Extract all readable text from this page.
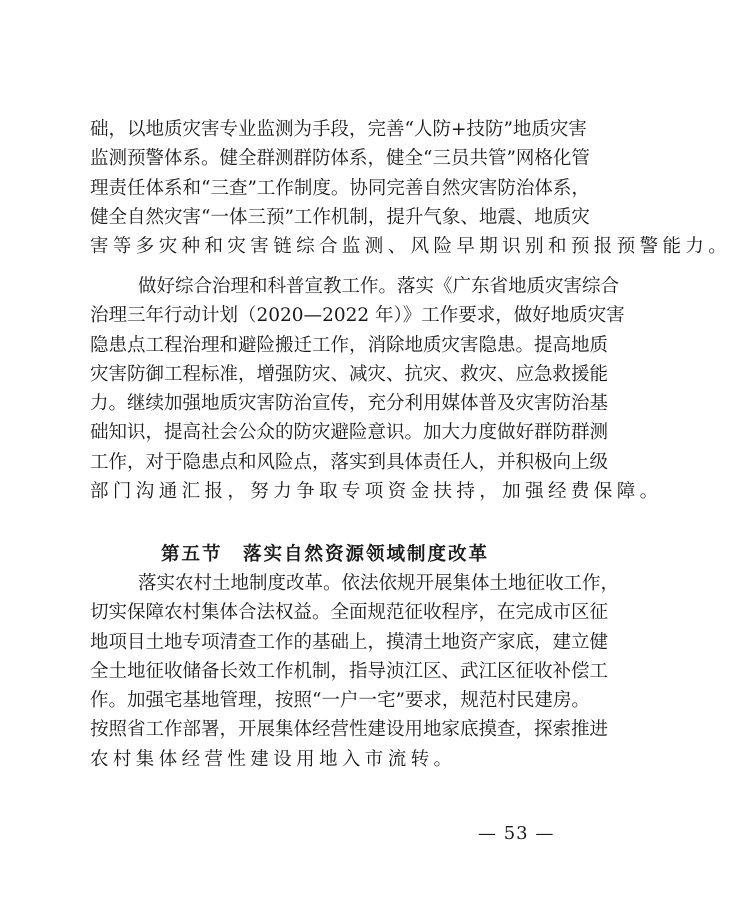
础，以地质灾害专业监测为手段，完善“人防+技防”地质灾害
监测预警体系。健全群测群防体系，健全“三员共管”网格化管
理责任体系和“三查”工作制度。协同完善自然灾害防治体系，
健全自然灾害“一体三预”工作机制，提升气象、地震、地质灾
害等多灾种和灾害链综合监测、风险早期识别和预报预警能力。
做好综合治理和科普宣教工作。落实《广东省地质灾害综合
治理三年行动计划（2020—2022 年）》工作要求，做好地质灾害
隐患点工程治理和避险搬迁工作，消除地质灾害隐患。提高地质
灾害防御工程标准，增强防灾、减灾、抗灾、救灾、应急救援能
力。继续加强地质灾害防治宣传，充分利用媒体普及灾害防治基
础知识，提高社会公众的防灾避险意识。加大力度做好群防群测
工作，对于隐患点和风险点，落实到具体责任人，并积极向上级
部门沟通汇报，努力争取专项资金扶持，加强经费保障。
第五节　落实自然资源领域制度改革
落实农村土地制度改革。依法依规开展集体土地征收工作，
切实保障农村集体合法权益。全面规范征收程序，在完成市区征
地项目土地专项清查工作的基础上，摸清土地资产家底，建立健
全土地征收储备长效工作机制，指导浈江区、武江区征收补偿工
作。加强宅基地管理，按照“一户一宅”要求，规范村民建房。
按照省工作部署，开展集体经营性建设用地家底摸查，探索推进
农村集体经营性建设用地入市流转。
— 53 —
